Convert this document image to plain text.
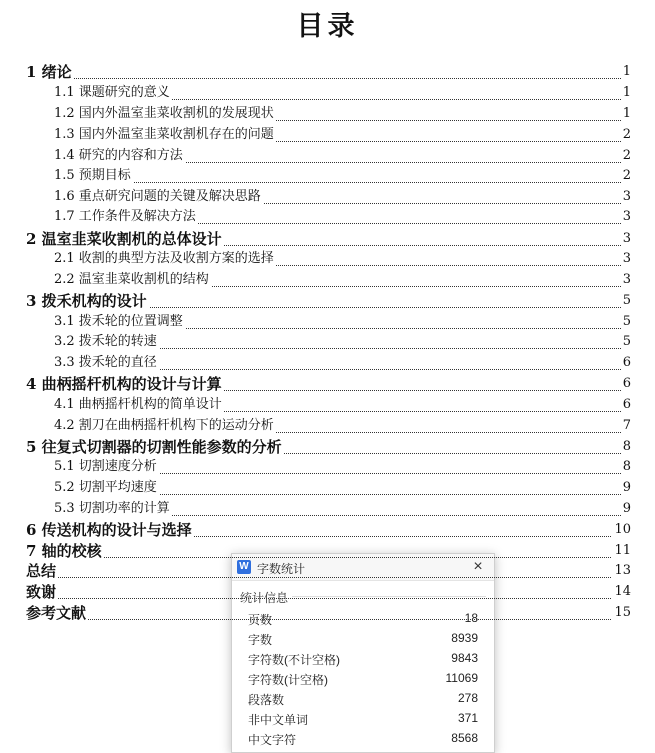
目录
1 绪论	1
1.1 课题研究的意义	1
1.2 国内外温室韭菜收割机的发展现状	1
1.3 国内外温室韭菜收割机存在的问题	2
1.4 研究的内容和方法	2
1.5 预期目标	2
1.6 重点研究问题的关键及解决思路	3
1.7 工作条件及解决方法	3
2 温室韭菜收割机的总体设计	3
2.1 收割的典型方法及收割方案的选择	3
2.2 温室韭菜收割机的结构	3
3 拨禾机构的设计	5
3.1 拨禾轮的位置调整	5
3.2 拨禾轮的转速	5
3.3 拨禾轮的直径	6
4 曲柄摇杆机构的设计与计算	6
4.1 曲柄摇杆机构的简单设计	6
4.2 割刀在曲柄摇杆机构下的运动分析	7
5 往复式切割器的切割性能参数的分析	8
5.1 切割速度分析	8
5.2 切割平均速度	9
5.3 切割功率的计算	9
6 传送机构的设计与选择	10
7 轴的校核	11
总结	13
致谢	14
参考文献	15
W 字数统计	×
统计信息
页数	18
字数	8939
字符数(不计空格)	9843
字符数(计空格)	11069
段落数	278
非中文单词	371
中文字符	8568
